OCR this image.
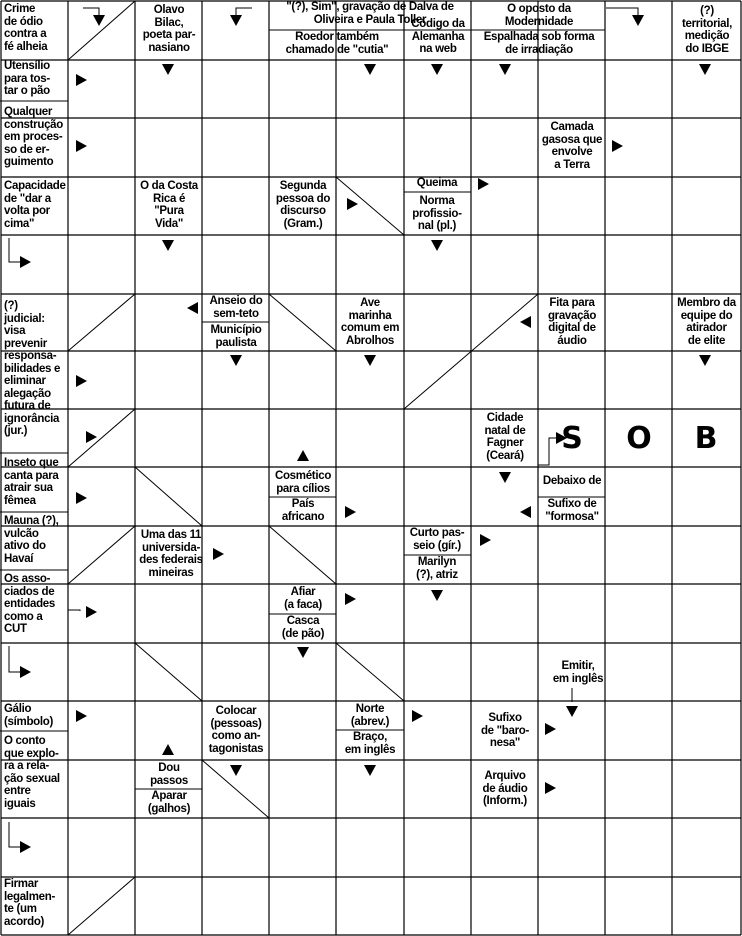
Crime
de ódio
contra a
fé alheia
Olavo
Bilac,
poeta par-
nasiano
"(?), Sim", gravação de Dalva de
Oliveira e Paula Toller
Roedor também
chamado de "cutia"
Código da
Alemanha
na web
O oposto da
Modernidade
Espalhada sob forma
de irradiação
(?)
territorial,
medição
do IBGE
Utensílio
para tos-
tar o pão
Qualquer
construção
em proces-
so de er-
guimento
Camada
gasosa que
envolve
a Terra
Capacidade
de "dar a
volta por
cima"
O da Costa
Rica é
"Pura
Vida"
Segunda
pessoa do
discurso
(Gram.)
Queima
Norma
profissio-
nal (pl.)
Anseio do
sem-teto
Município
paulista
Ave
marinha
comum em
Abrolhos
Fita para
gravação
digital de
áudio
Membro da
equipe do
atirador
de elite
(?)
judicial:
visa
prevenir
responsa-
bilidades e
eliminar
alegação
futura de
ignorância
(jur.)
Cidade
natal de
Fagner
(Ceará)
Inseto que
canta para
atrair sua
fêmea
Cosmético
para cílios
País
africano
Debaixo de
Sufixo de
"formosa"
Mauna (?),
vulcão
ativo do
Havaí
Uma das 11
universida-
des federais
mineiras
Curto pas-
seio (gír.)
Marilyn
(?), atriz
Os asso-
ciados de
entidades
como a
CUT
Afiar
(a faca)
Casca
(de pão)
Emitir,
em inglês
Gálio
(símbolo)
Colocar
(pessoas)
como an-
tagonistas
Norte
(abrev.)
Braço,
em inglês
Sufixo
de "baro-
nesa"
O conto
que explo-
ra a rela-
ção sexual
entre
iguais
Dou
passos
Aparar
(galhos)
Arquivo
de áudio
(Inform.)
Firmar
legalmen-
te (um
acordo)
S	O	B
